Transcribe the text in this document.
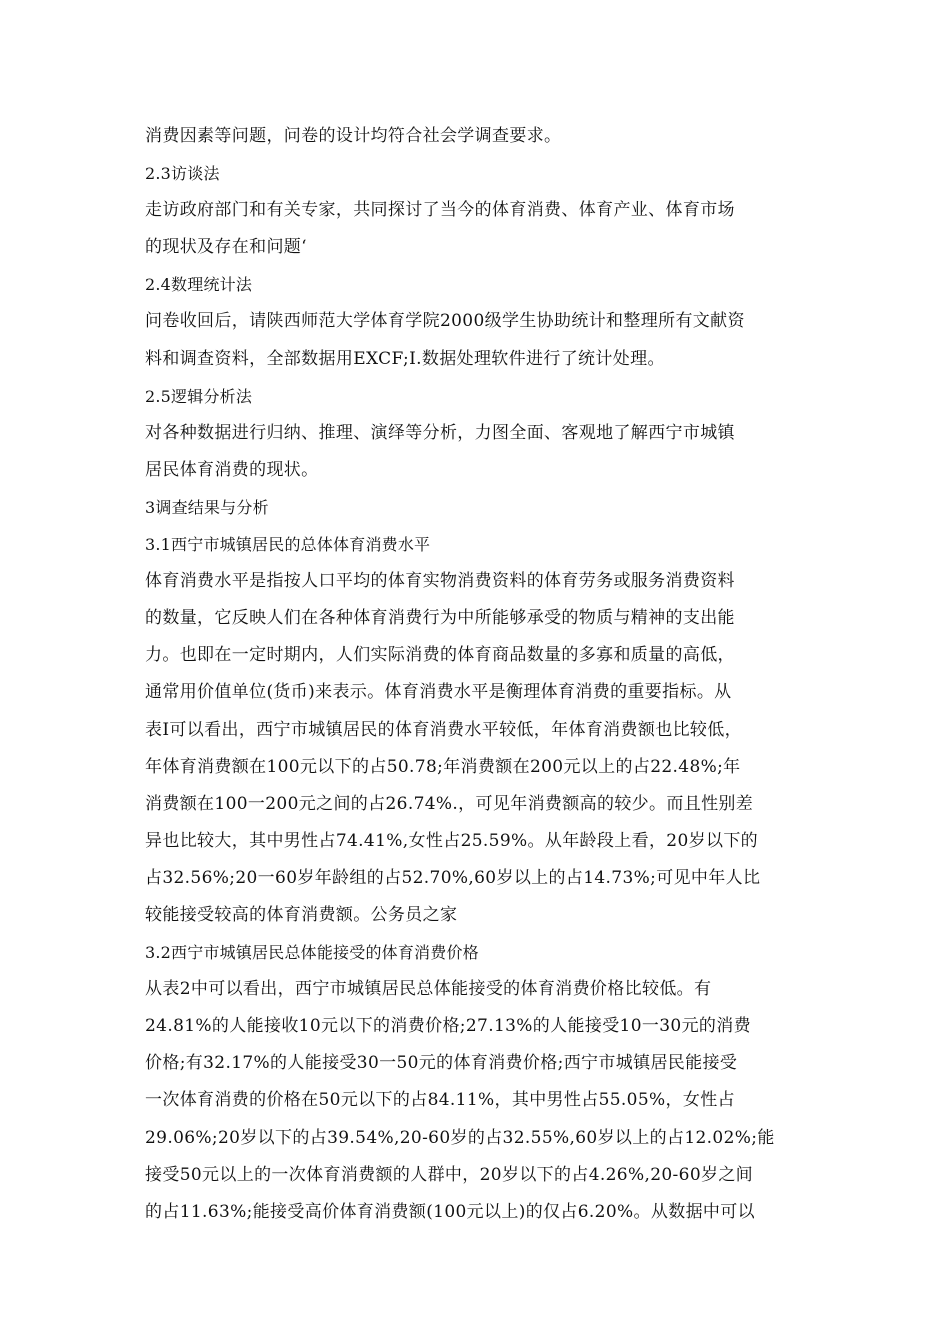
消费因素等问题，问卷的设计均符合社会学调查要求。
2.3访谈法
走访政府部门和有关专家，共同探讨了当今的体育消费、体育产业、体育市场
的现状及存在和问题‘
2.4数理统计法
问卷收回后，请陕西师范大学体育学院2000级学生协助统计和整理所有文献资
料和调查资料，全部数据用EXCF;I.数据处理软件进行了统计处理。
2.5逻辑分析法
对各种数据进行归纳、推理、演绎等分析，力图全面、客观地了解西宁市城镇
居民体育消费的现状。
3调查结果与分析
3.1西宁市城镇居民的总体体育消费水平
体育消费水平是指按人口平均的体育实物消费资料的体育劳务或服务消费资料
的数量，它反映人们在各种体育消费行为中所能够承受的物质与精神的支出能
力。也即在一定时期内，人们实际消费的体育商品数量的多寡和质量的高低，
通常用价值单位(货币)来表示。体育消费水平是衡理体育消费的重要指标。从
表I可以看出，西宁市城镇居民的体育消费水平较低，年体育消费额也比较低，
年体育消费额在100元以下的占50.78;年消费额在200元以上的占22.48%;年
消费额在100一200元之间的占26.74%.，可见年消费额高的较少。而且性别差
异也比较大，其中男性占74.41%,女性占25.59%。从年龄段上看，20岁以下的
占32.56%;20一60岁年龄组的占52.70%,60岁以上的占14.73%;可见中年人比
较能接受较高的体育消费额。公务员之家
3.2西宁市城镇居民总体能接受的体育消费价格
从表2中可以看出，西宁市城镇居民总体能接受的体育消费价格比较低。有
24.81%的人能接收10元以下的消费价格;27.13%的人能接受10一30元的消费
价格;有32.17%的人能接受30一50元的体育消费价格;西宁市城镇居民能接受
一次体育消费的价格在50元以下的占84.11%，其中男性占55.05%，女性占
29.06%;20岁以下的占39.54%,20-60岁的占32.55%,60岁以上的占12.02%;能
接受50元以上的一次体育消费额的人群中，20岁以下的占4.26%,20-60岁之间
的占11.63%;能接受高价体育消费额(100元以上)的仅占6.20%。从数据中可以
